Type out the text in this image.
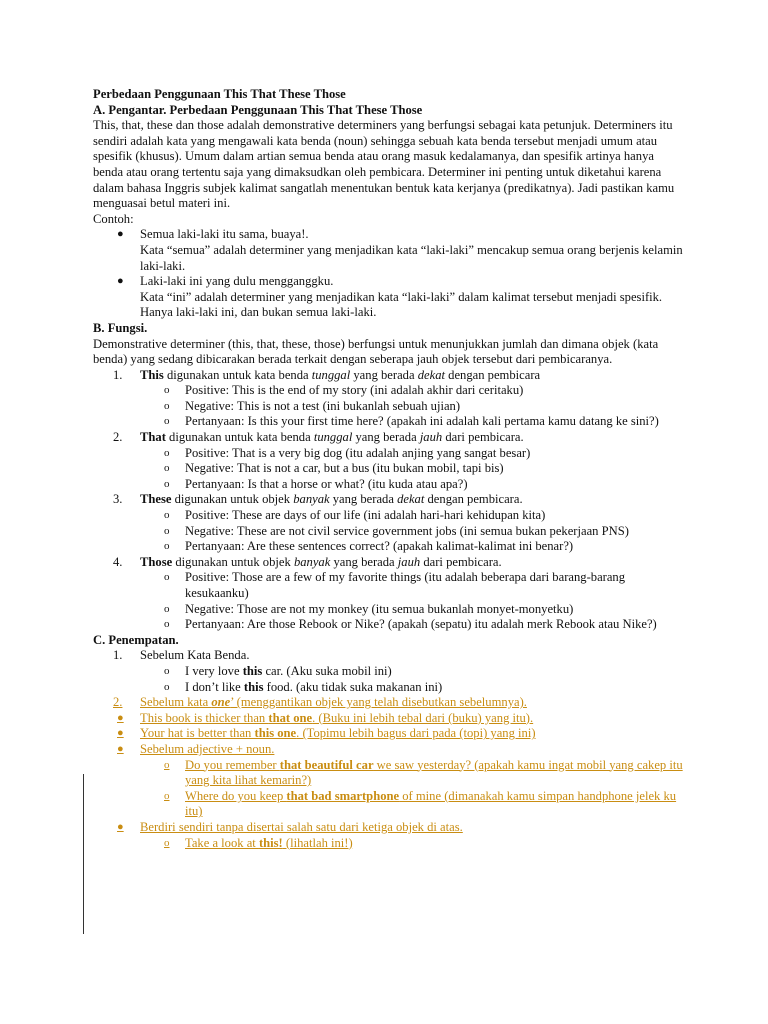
Perbedaan Penggunaan This That These Those

A. Pengantar. Perbedaan Penggunaan This That These Those

This, that, these dan those adalah demonstrative determiners yang berfungsi sebagai kata petunjuk. Determiners itu sendiri adalah kata yang mengawali kata benda (noun) sehingga sebuah kata benda tersebut menjadi umum atau spesifik (khusus). Umum dalam artian semua benda atau orang masuk kedalamanya, dan spesifik artinya hanya benda atau orang tertentu saja yang dimaksudkan oleh pembicara. Determiner ini penting untuk diketahui karena dalam bahasa Inggris subjek kalimat sangatlah menentukan bentuk kata kerjanya (predikatnya). Jadi pastikan kamu menguasai betul materi ini.

Contoh:

● Semua laki-laki itu sama, buaya!.

Kata “semua” adalah determiner yang menjadikan kata “laki-laki” mencakup semua orang berjenis kelamin laki-laki.

● Laki-laki ini yang dulu mengganggku.

Kata “ini” adalah determiner yang menjadikan kata “laki-laki” dalam kalimat tersebut menjadi spesifik. Hanya laki-laki ini, dan bukan semua laki-laki.

B. Fungsi.

Demonstrative determiner (this, that, these, those) berfungsi untuk menunjukkan jumlah dan dimana objek (kata benda) yang sedang dibicarakan berada terkait dengan seberapa jauh objek tersebut dari pembicaranya.

1. This digunakan untuk kata benda tunggal yang berada dekat dengan pembicara

o Positive: This is the end of my story (ini adalah akhir dari ceritaku)

o Negative: This is not a test (ini bukanlah sebuah ujian)

o Pertanyaan: Is this your first time here? (apakah ini adalah kali pertama kamu datang ke sini?)

2. That digunakan untuk kata benda tunggal yang berada jauh dari pembicara.

o Positive: That is a very big dog (itu adalah anjing yang sangat besar)

o Negative: That is not a car, but a bus (itu bukan mobil, tapi bis)

o Pertanyaan: Is that a horse or what? (itu kuda atau apa?)

3. These digunakan untuk objek banyak yang berada dekat dengan pembicara.

o Positive: These are days of our life (ini adalah hari-hari kehidupan kita)

o Negative: These are not civil service government jobs (ini semua bukan pekerjaan PNS)

o Pertanyaan: Are these sentences correct? (apakah kalimat-kalimat ini benar?)

4. Those digunakan untuk objek banyak yang berada jauh dari pembicara.

o Positive: Those are a few of my favorite things (itu adalah beberapa dari barang-barang kesukaanku)

o Negative: Those are not my monkey (itu semua bukanlah monyet-monyetku)

o Pertanyaan: Are those Rebook or Nike? (apakah (sepatu) itu adalah merk Rebook atau Nike?)

C. Penempatan.

1. Sebelum Kata Benda.

o I very love this car. (Aku suka mobil ini)

o I don’t like this food. (aku tidak suka makanan ini)

2. Sebelum kata one’ (menggantikan objek yang telah disebutkan sebelumnya).

● This book is thicker than that one. (Buku ini lebih tebal dari (buku) yang itu).

● Your hat is better than this one. (Topimu lebih bagus dari pada (topi) yang ini)

● Sebelum adjective + noun.

o Do you remember that beautiful car we saw yesterday? (apakah kamu ingat mobil yang cakep itu yang kita lihat kemarin?)

o Where do you keep that bad smartphone of mine (dimanakah kamu simpan handphone jelek ku itu)

● Berdiri sendiri tanpa disertai salah satu dari ketiga objek di atas.

o Take a look at this! (lihatlah ini!)
